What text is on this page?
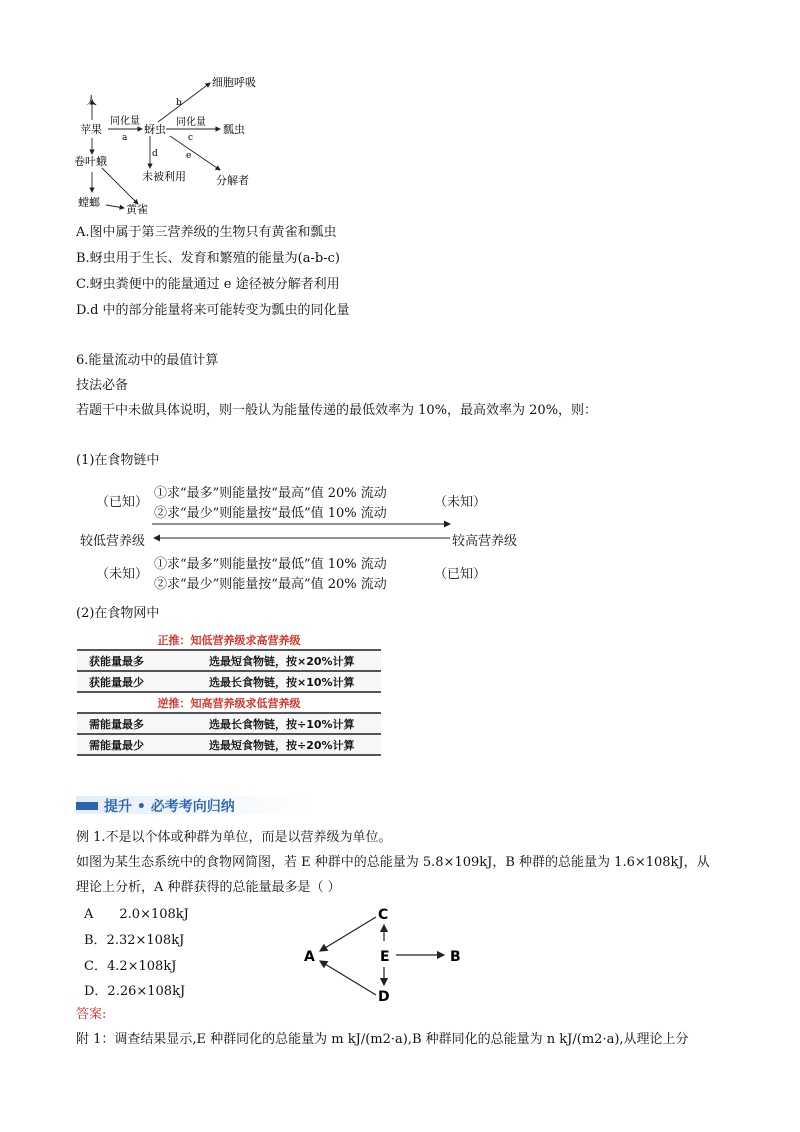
人
苹果	蚜虫	瓢虫
细胞呼吸
未被利用	分解者
卷叶蛾
螳螂
黄雀
同化量
a
同化量
b
c
d	e
A.图中属于第三营养级的生物只有黄雀和瓢虫
B.蚜虫用于生长、发育和繁殖的能量为(a-b-c)
C.蚜虫粪便中的能量通过 e 途径被分解者利用
D.d 中的部分能量将来可能转变为瓢虫的同化量
6.能量流动中的最值计算
技法必备
若题干中未做具体说明，则一般认为能量传递的最低效率为 10%，最高效率为 20%，则：
(1)在食物链中
（已知）
①求“最多”则能量按“最高”值 20% 流动
②求“最少”则能量按“最低”值 10% 流动
（未知）
较低营养级	较高营养级
（未知）
①求“最多”则能量按“最低”值 10% 流动
②求“最少”则能量按“最高”值 20% 流动
（已知）
(2)在食物网中
正推：知低营养级求高营养级	
获能量最多	选最短食物链，按×20%计算
获能量最少	选最长食物链，按×10%计算
逆推：知高营养级求低营养级	
需能量最多	选最长食物链，按÷10%计算
需能量最少	选最短食物链，按÷20%计算
提升 • 必考考向归纳
例 1.不是以个体或种群为单位，而是以营养级为单位。
如图为某生态系统中的食物网简图，若 E 种群中的总能量为 5.8×109kJ，B 种群的总能量为 1.6×108kJ，从
理论上分析，A 种群获得的总能量最多是（ ）
A　　2.0×108kJ
B．2.32×108kJ
C．4.2×108kJ
D．2.26×108kJ
C
A	E	B
D
答案:
附 1：调查结果显示,E 种群同化的总能量为 m kJ/(m2·a),B 种群同化的总能量为 n kJ/(m2·a),从理论上分
